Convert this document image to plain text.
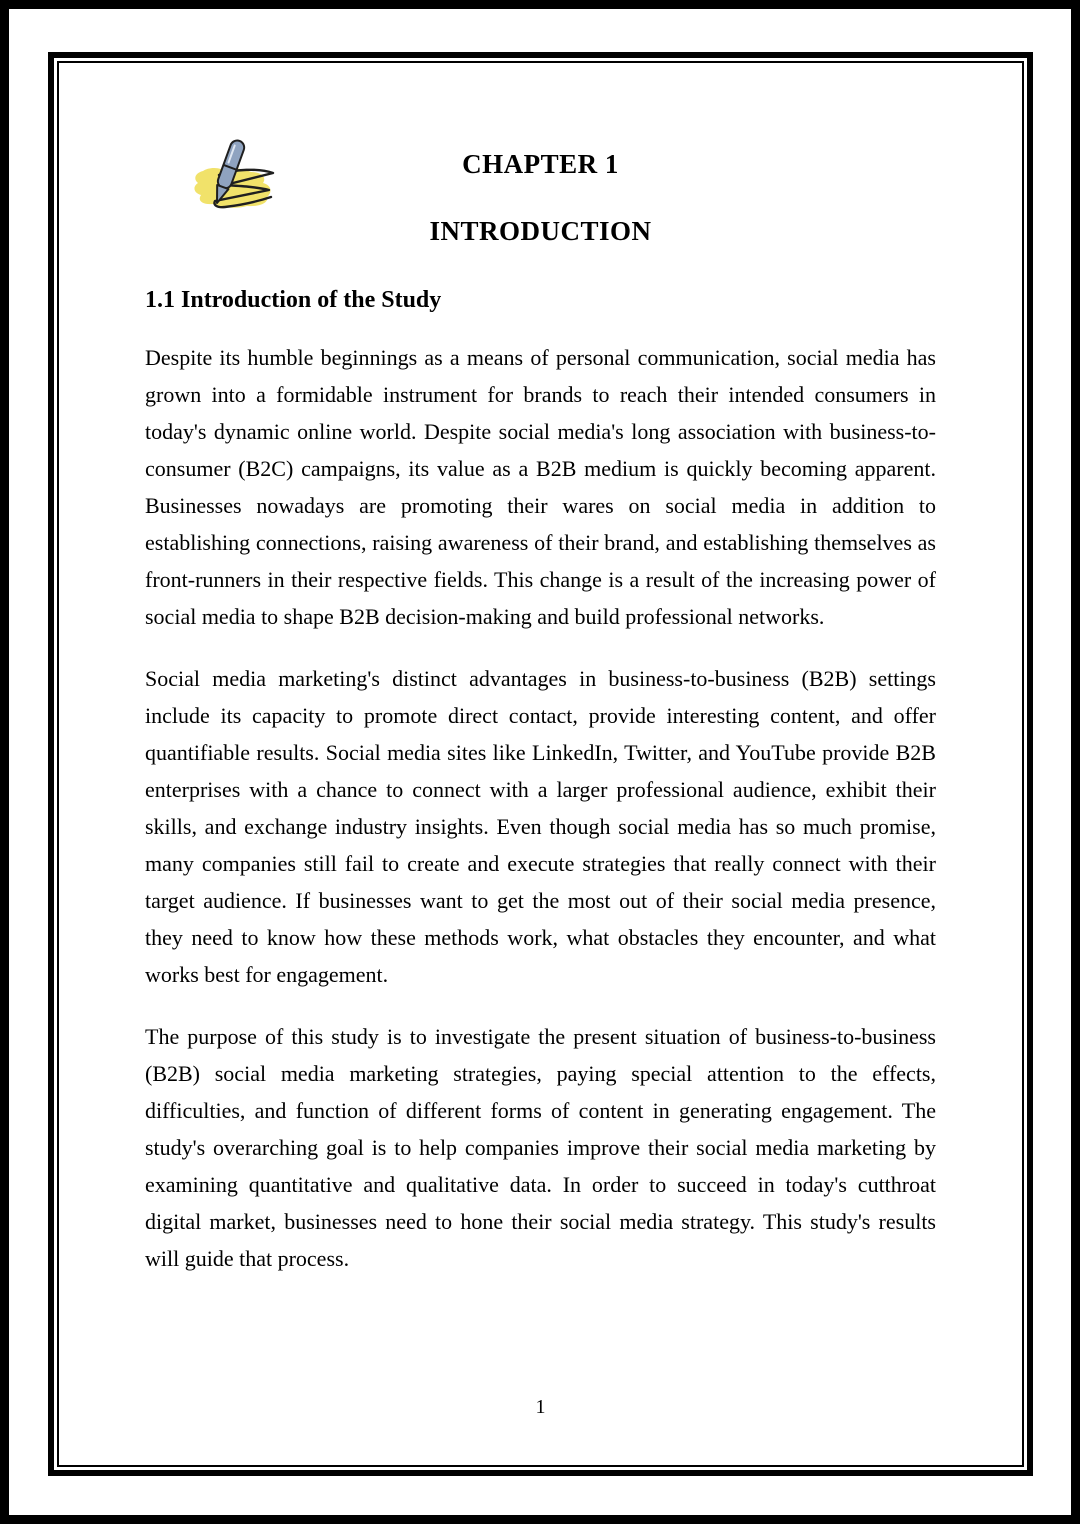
CHAPTER 1
INTRODUCTION
1.1 Introduction of the Study

Despite its humble beginnings as a means of personal communication, social media has grown into a formidable instrument for brands to reach their intended consumers in today's dynamic online world. Despite social media's long association with business-to-consumer (B2C) campaigns, its value as a B2B medium is quickly becoming apparent. Businesses nowadays are promoting their wares on social media in addition to establishing connections, raising awareness of their brand, and establishing themselves as front-runners in their respective fields. This change is a result of the increasing power of social media to shape B2B decision-making and build professional networks.

Social media marketing's distinct advantages in business-to-business (B2B) settings include its capacity to promote direct contact, provide interesting content, and offer quantifiable results. Social media sites like LinkedIn, Twitter, and YouTube provide B2B enterprises with a chance to connect with a larger professional audience, exhibit their skills, and exchange industry insights. Even though social media has so much promise, many companies still fail to create and execute strategies that really connect with their target audience. If businesses want to get the most out of their social media presence, they need to know how these methods work, what obstacles they encounter, and what works best for engagement.

The purpose of this study is to investigate the present situation of business-to-business (B2B) social media marketing strategies, paying special attention to the effects, difficulties, and function of different forms of content in generating engagement. The study's overarching goal is to help companies improve their social media marketing by examining quantitative and qualitative data. In order to succeed in today's cutthroat digital market, businesses need to hone their social media strategy. This study's results will guide that process.

1
